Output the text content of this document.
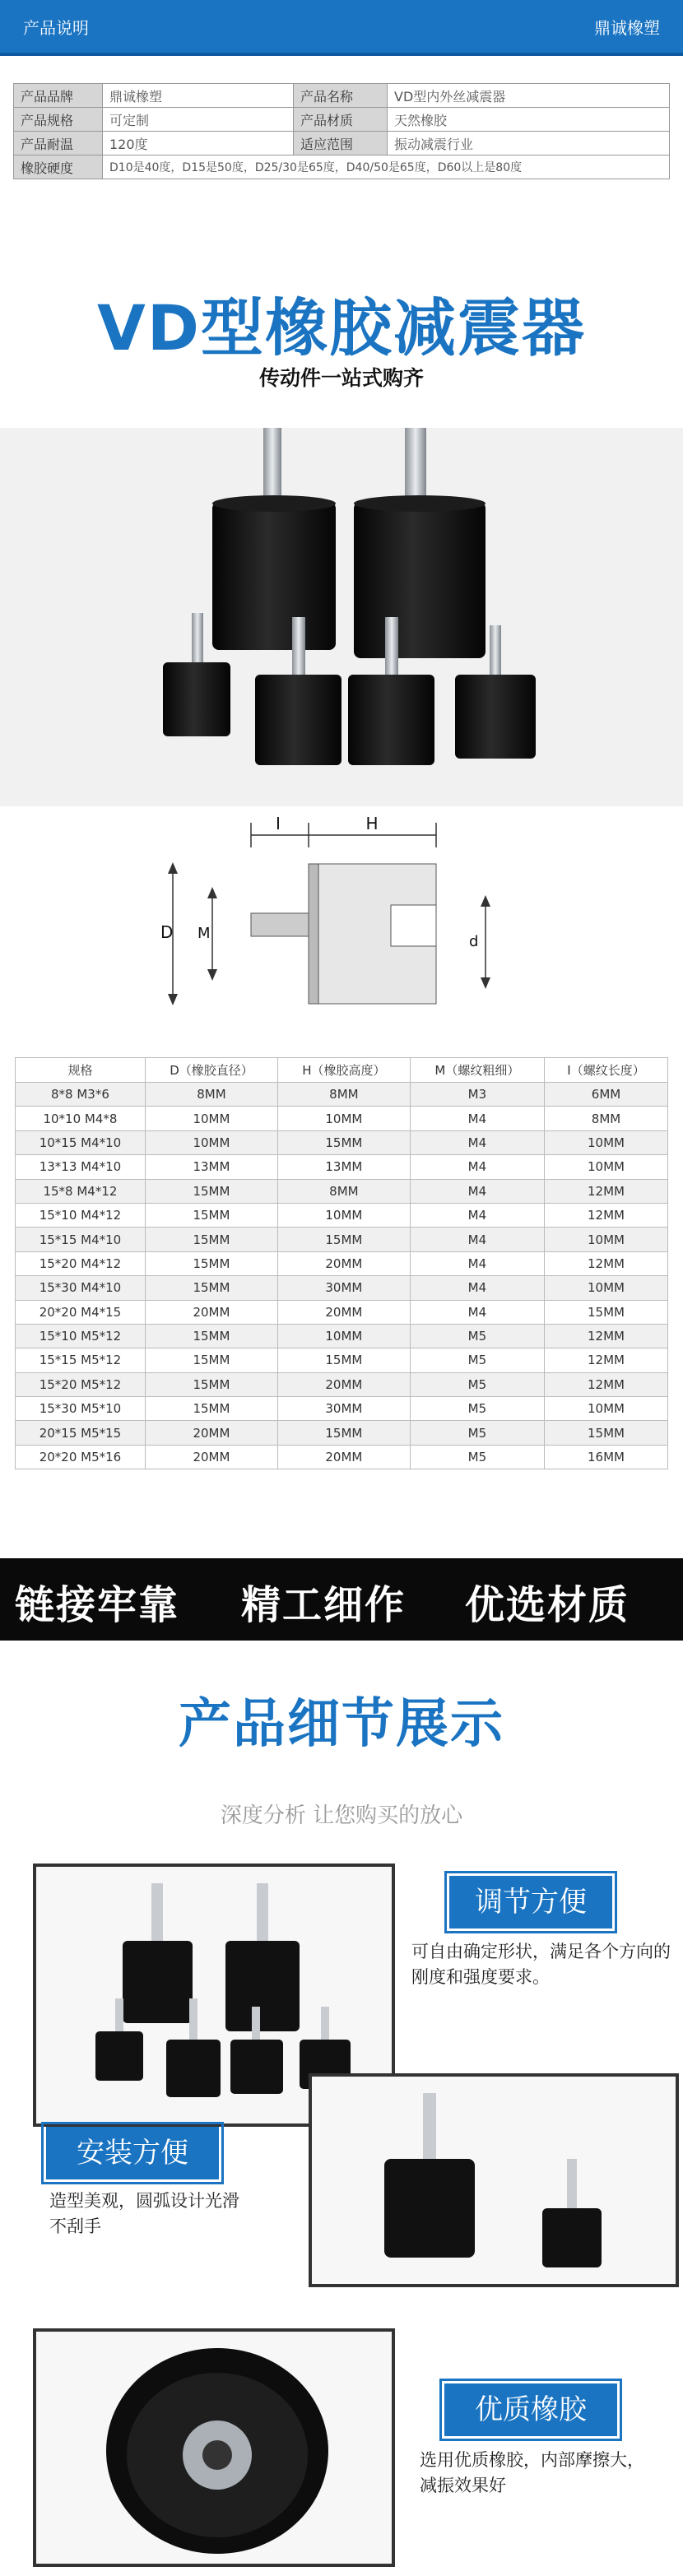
产品说明	鼎诚橡塑
产品品牌	鼎诚橡塑	产品名称	VD型内外丝减震器
产品规格	可定制	产品材质	天然橡胶
产品耐温	120度	适应范围	振动减震行业
橡胶硬度	D10是40度，D15是50度，D25/30是65度，D40/50是65度，D60以上是80度		
VD型橡胶减震器
传动件一站式购齐
I	H
D M	d
规格	D（橡胶直径）	H（橡胶高度）	M（螺纹粗细）	I（螺纹长度）
8*8 M3*6	8MM	8MM	M3	6MM
10*10 M4*8	10MM	10MM	M4	8MM
10*15 M4*10	10MM	15MM	M4	10MM
13*13 M4*10	13MM	13MM	M4	10MM
15*8 M4*12	15MM	8MM	M4	12MM
15*10 M4*12	15MM	10MM	M4	12MM
15*15 M4*10	15MM	15MM	M4	10MM
15*20 M4*12	15MM	20MM	M4	12MM
15*30 M4*10	15MM	30MM	M4	10MM
20*20 M4*15	20MM	20MM	M4	15MM
15*10 M5*12	15MM	10MM	M5	12MM
15*15 M5*12	15MM	15MM	M5	12MM
15*20 M5*12	15MM	20MM	M5	12MM
15*30 M5*10	15MM	30MM	M5	10MM
20*15 M5*15	20MM	15MM	M5	15MM
20*20 M5*16	20MM	20MM	M5	16MM
链接牢靠 精工细作 优选材质
产品细节展示
深度分析 让您购买的放心
调节方便
可自由确定形状，满足各个方向的刚度和强度要求。
安装方便
造型美观，圆弧设计光滑不刮手
优质橡胶
选用优质橡胶，内部摩擦大，减振效果好
